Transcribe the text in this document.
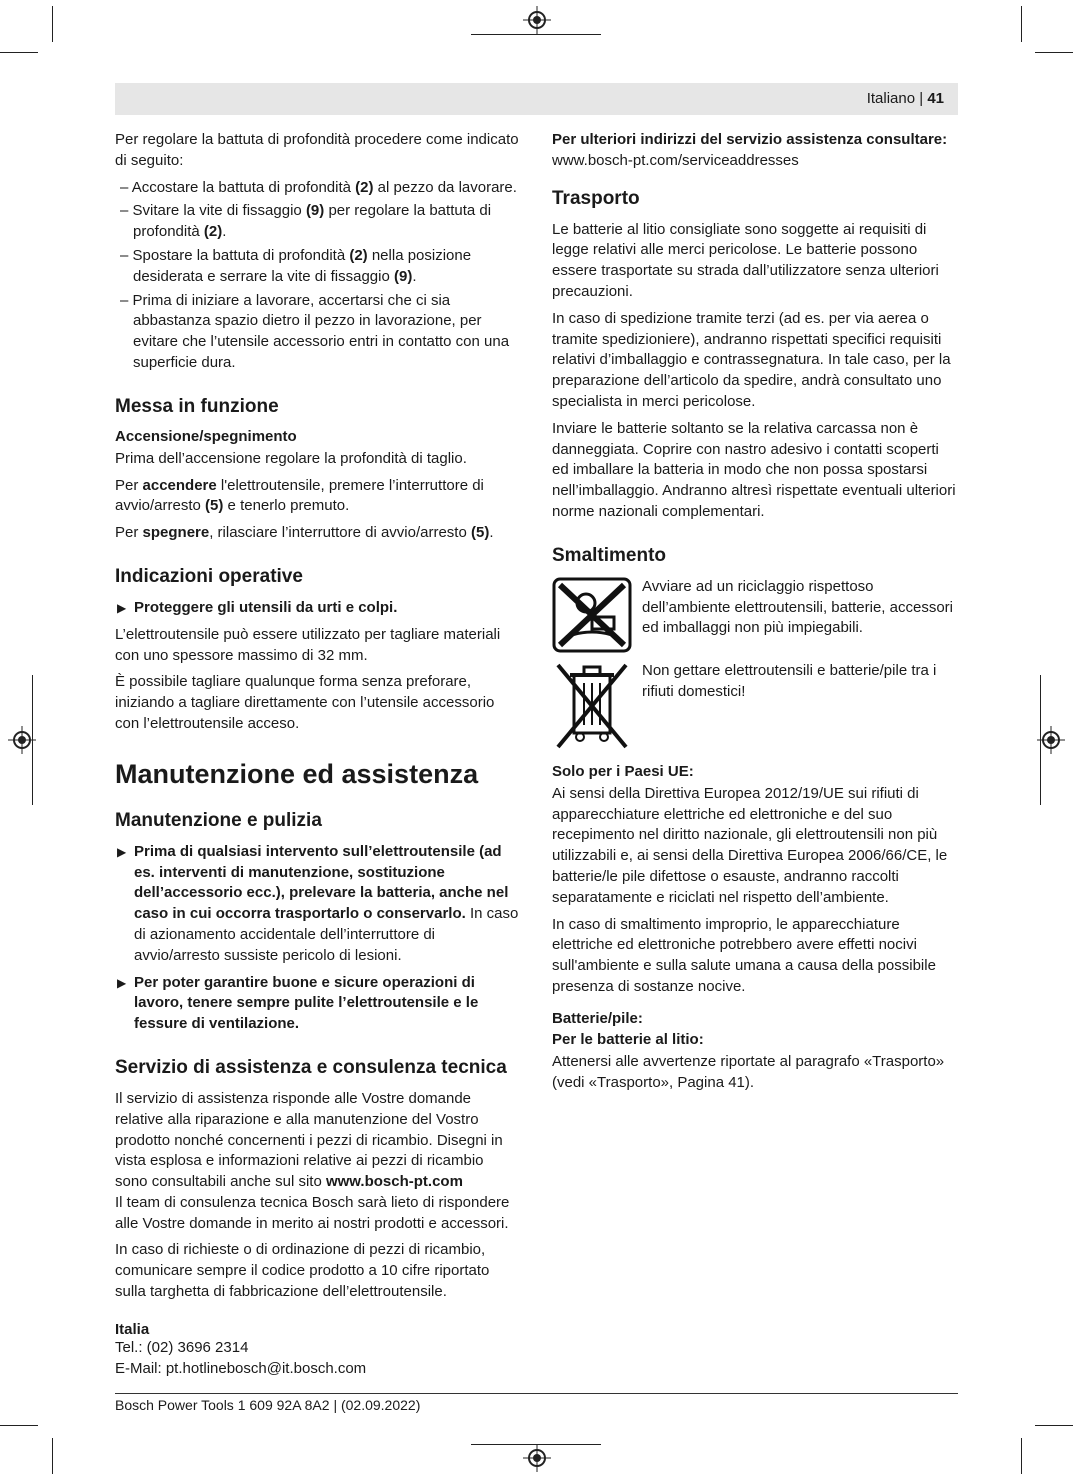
Italiano | 41

Per regolare la battuta di profondità procedere come indicato di seguito:

– Accostare la battuta di profondità (2) al pezzo da lavorare.

– Svitare la vite di fissaggio (9) per regolare la battuta di profondità (2).

– Spostare la battuta di profondità (2) nella posizione desiderata e serrare la vite di fissaggio (9).

– Prima di iniziare a lavorare, accertarsi che ci sia abbastanza spazio dietro il pezzo in lavorazione, per evitare che l’utensile accessorio entri in contatto con una superficie dura.

Messa in funzione
Accensione/spegnimento

Prima dell’accensione regolare la profondità di taglio.

Per accendere l'elettroutensile, premere l’interruttore di avvio/arresto (5) e tenerlo premuto.

Per spegnere, rilasciare l’interruttore di avvio/arresto (5).

Indicazioni operative

▶ Proteggere gli utensili da urti e colpi.

L’elettroutensile può essere utilizzato per tagliare materiali con uno spessore massimo di 32 mm.

È possibile tagliare qualunque forma senza preforare, iniziando a tagliare direttamente con l’utensile accessorio con l’elettroutensile acceso.

Manutenzione ed assistenza
Manutenzione e pulizia

▶ Prima di qualsiasi intervento sull’elettroutensile (ad es. interventi di manutenzione, sostituzione dell’accessorio ecc.), prelevare la batteria, anche nel caso in cui occorra trasportarlo o conservarlo. In caso di azionamento accidentale dell’interruttore di avvio/arresto sussiste pericolo di lesioni.

▶ Per poter garantire buone e sicure operazioni di lavoro, tenere sempre pulite l’elettroutensile e le fessure di ventilazione.

Servizio di assistenza e consulenza tecnica

Il servizio di assistenza risponde alle Vostre domande relative alla riparazione e alla manutenzione del Vostro prodotto nonché concernenti i pezzi di ricambio. Disegni in vista esplosa e informazioni relative ai pezzi di ricambio sono consultabili anche sul sito www.bosch-pt.com

Il team di consulenza tecnica Bosch sarà lieto di rispondere alle Vostre domande in merito ai nostri prodotti e accessori.

In caso di richieste o di ordinazione di pezzi di ricambio, comunicare sempre il codice prodotto a 10 cifre riportato sulla targhetta di fabbricazione dell’elettroutensile.

Italia

Tel.: (02) 3696 2314

E-Mail: pt.hotlinebosch@it.bosch.com

Per ulteriori indirizzi del servizio assistenza consultare:

www.bosch-pt.com/serviceaddresses

Trasporto

Le batterie al litio consigliate sono soggette ai requisiti di legge relativi alle merci pericolose. Le batterie possono essere trasportate su strada dall’utilizzatore senza ulteriori precauzioni.

In caso di spedizione tramite terzi (ad es. per via aerea o tramite spedizioniere), andranno rispettati specifici requisiti relativi d’imballaggio e contrassegnatura. In tale caso, per la preparazione dell’articolo da spedire, andrà consultato uno specialista in merci pericolose.

Inviare le batterie soltanto se la relativa carcassa non è danneggiata. Coprire con nastro adesivo i contatti scoperti ed imballare la batteria in modo che non possa spostarsi nell’imballaggio. Andranno altresì rispettate eventuali ulteriori norme nazionali complementari.

Smaltimento

Avviare ad un riciclaggio rispettoso dell’ambiente elettroutensili, batterie, accessori ed imballaggi non più impiegabili.

Non gettare elettroutensili e batterie/pile tra i rifiuti domestici!

Solo per i Paesi UE:

Ai sensi della Direttiva Europea 2012/19/UE sui rifiuti di apparecchiature elettriche ed elettroniche e del suo recepimento nel diritto nazionale, gli elettroutensili non più utilizzabili e, ai sensi della Direttiva Europea 2006/66/CE, le batterie/le pile difettose o esauste, andranno raccolti separatamente e riciclati nel rispetto dell’ambiente.

In caso di smaltimento improprio, le apparecchiature elettriche ed elettroniche potrebbero avere effetti nocivi sull'ambiente e sulla salute umana a causa della possibile presenza di sostanze nocive.

Batterie/pile:
Per le batterie al litio:

Attenersi alle avvertenze riportate al paragrafo «Trasporto» (vedi «Trasporto», Pagina 41).

Bosch Power Tools 1 609 92A 8A2 | (02.09.2022)
